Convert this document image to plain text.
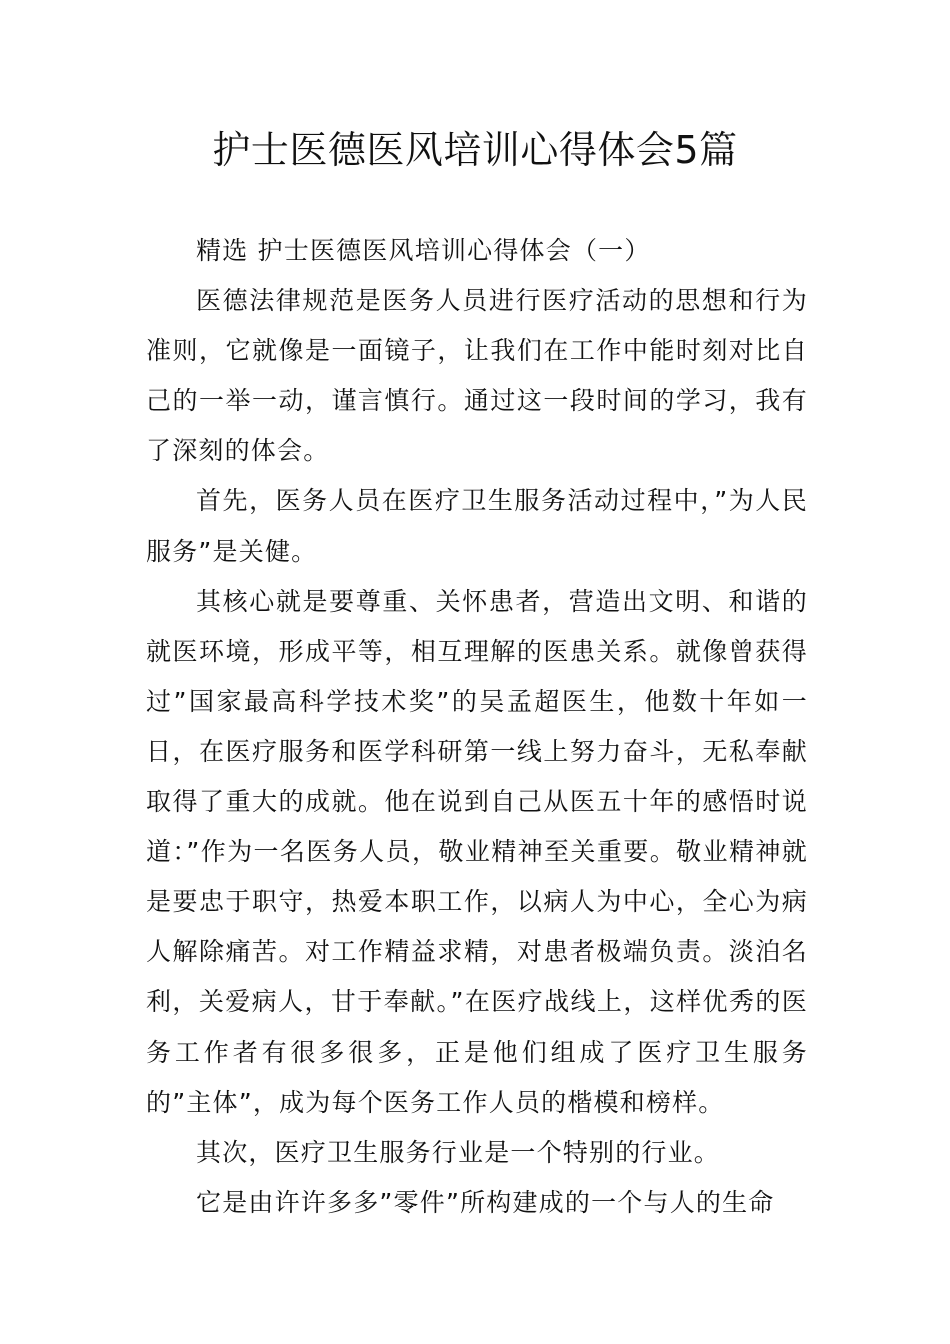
护士医德医风培训心得体会5篇

精选 护士医德医风培训心得体会（一）

医德法律规范是医务人员进行医疗活动的思想和行为准则，它就像是一面镜子，让我们在工作中能时刻对比自己的一举一动，谨言慎行。通过这一段时间的学习，我有了深刻的体会。

首先，医务人员在医疗卫生服务活动过程中，”为人民服务”是关健。

其核心就是要尊重、关怀患者，营造出文明、和谐的就医环境，形成平等，相互理解的医患关系。就像曾获得过”国家最高科学技术奖”的吴孟超医生，他数十年如一日，在医疗服务和医学科研第一线上努力奋斗，无私奉献取得了重大的成就。他在说到自己从医五十年的感悟时说道：”作为一名医务人员，敬业精神至关重要。敬业精神就是要忠于职守，热爱本职工作，以病人为中心，全心为病人解除痛苦。对工作精益求精，对患者极端负责。淡泊名利，关爱病人，甘于奉献。”在医疗战线上，这样优秀的医务工作者有很多很多，正是他们组成了医疗卫生服务的”主体”，成为每个医务工作人员的楷模和榜样。

其次，医疗卫生服务行业是一个特别的行业。

它是由许许多多”零件”所构建成的一个与人的生命
